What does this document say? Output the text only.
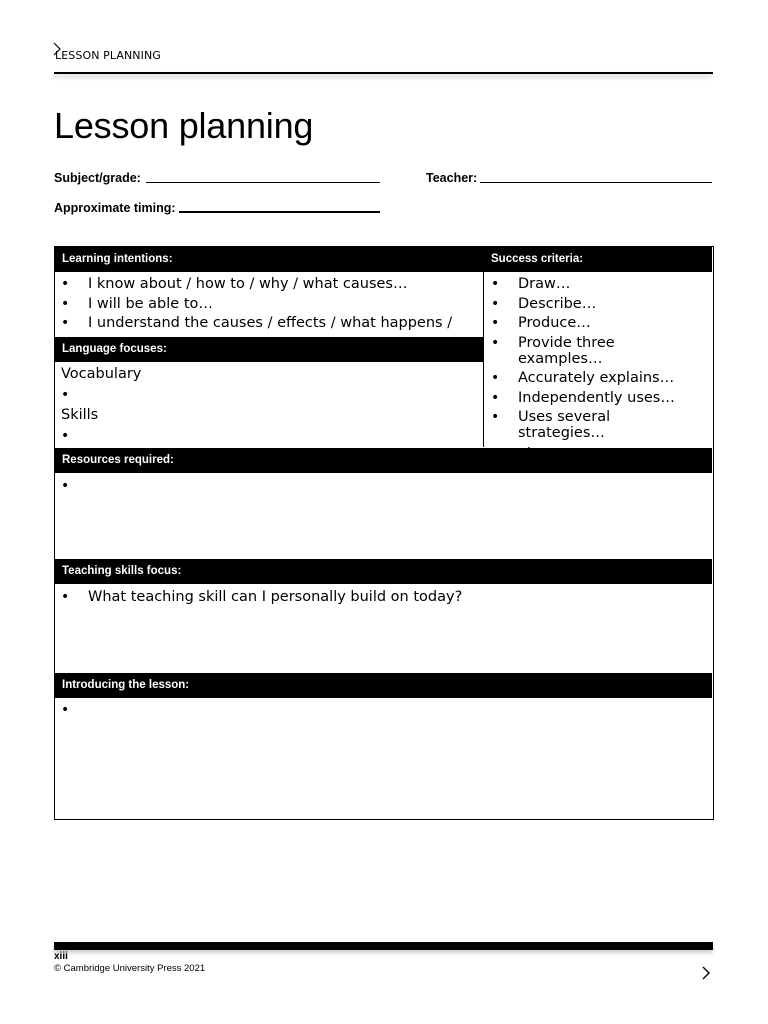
LESSON PLANNING
Lesson planning
Subject/grade:	Teacher:
Approximate timing:
Learning intentions:
• I know about / how to / why / what causes…
• I will be able to…
• I understand the causes / effects / what happens /
Language focuses:
Vocabulary
•
Skills
•
Success criteria:
• Draw…
• Describe…
• Produce…
• Provide three examples…
• Accurately explains…
• Independently uses…
• Uses several strategies…
Resources required:
•
Teaching skills focus:
• What teaching skill can I personally build on today?
Introducing the lesson:
•
xiii
© Cambridge University Press 2021
